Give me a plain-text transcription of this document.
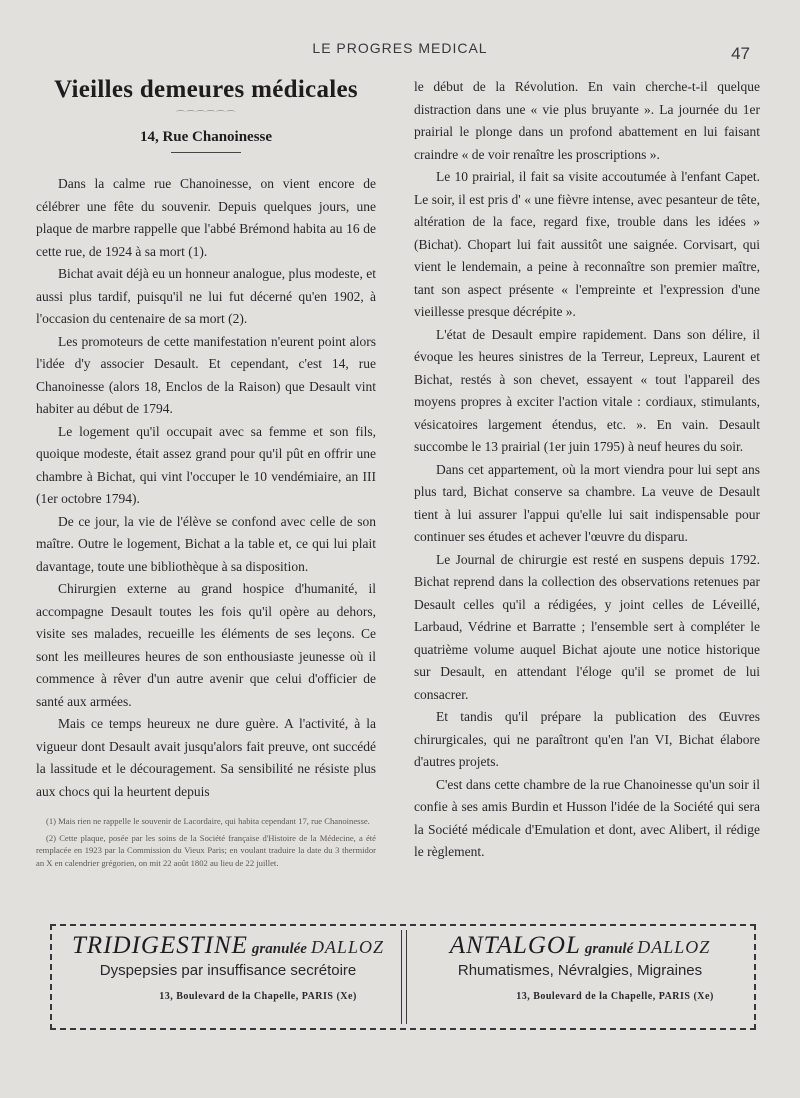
LE PROGRES MEDICAL	47
Vieilles demeures médicales
⌒⌒⌒⌒⌒⌒
14, Rue Chanoinesse

Dans la calme rue Chanoinesse, on vient encore de célébrer une fête du souvenir. Depuis quelques jours, une plaque de marbre rappelle que l'abbé Brémond habita au 16 de cette rue, de 1924 à sa mort (1).

Bichat avait déjà eu un honneur analogue, plus modeste, et aussi plus tardif, puisqu'il ne lui fut décerné qu'en 1902, à l'occasion du centenaire de sa mort (2).

Les promoteurs de cette manifestation n'eurent point alors l'idée d'y associer Desault. Et cependant, c'est 14, rue Chanoinesse (alors 18, Enclos de la Raison) que Desault vint habiter au début de 1794.

Le logement qu'il occupait avec sa femme et son fils, quoique modeste, était assez grand pour qu'il pût en offrir une chambre à Bichat, qui vint l'occuper le 10 vendémiaire, an III (1er octobre 1794).

De ce jour, la vie de l'élève se confond avec celle de son maître. Outre le logement, Bichat a la table et, ce qui lui plait davantage, toute une bibliothèque à sa disposition.

Chirurgien externe au grand hospice d'humanité, il accompagne Desault toutes les fois qu'il opère au dehors, visite ses malades, recueille les éléments de ses leçons. Ce sont les meilleures heures de son enthousiaste jeunesse où il commence à rêver d'un autre avenir que celui d'officier de santé aux armées.

Mais ce temps heureux ne dure guère. A l'activité, à la vigueur dont Desault avait jusqu'alors fait preuve, ont succédé la lassitude et le découragement. Sa sensibilité ne résiste plus aux chocs qui la heurtent depuis

(1) Mais rien ne rappelle le souvenir de Lacordaire, qui habita cependant 17, rue Chanoinesse.

(2) Cette plaque, posée par les soins de la Société française d'Histoire de la Médecine, a été remplacée en 1923 par la Commission du Vieux Paris; en voulant traduire la date du 3 thermidor an X en calendrier grégorien, on mit 22 août 1802 au lieu de 22 juillet.

le début de la Révolution. En vain cherche-t-il quelque distraction dans une « vie plus bruyante ». La journée du 1er prairial le plonge dans un profond abattement en lui faisant craindre « de voir renaître les proscriptions ».

Le 10 prairial, il fait sa visite accoutumée à l'enfant Capet. Le soir, il est pris d' « une fièvre intense, avec pesanteur de tête, altération de la face, regard fixe, trouble dans les idées » (Bichat). Chopart lui fait aussitôt une saignée. Corvisart, qui vient le lendemain, a peine à reconnaître son premier maître, tant son aspect présente « l'empreinte et l'expression d'une vieillesse presque décrépite ».

L'état de Desault empire rapidement. Dans son délire, il évoque les heures sinistres de la Terreur, Lepreux, Laurent et Bichat, restés à son chevet, essayent « tout l'appareil des moyens propres à exciter l'action vitale : cordiaux, stimulants, vésicatoires largement étendus, etc. ». En vain. Desault succombe le 13 prairial (1er juin 1795) à neuf heures du soir.

Dans cet appartement, où la mort viendra pour lui sept ans plus tard, Bichat conserve sa chambre. La veuve de Desault tient à lui assurer l'appui qu'elle lui sait indispensable pour continuer ses études et achever l'œuvre du disparu.

Le Journal de chirurgie est resté en suspens depuis 1792. Bichat reprend dans la collection des observations retenues par Desault celles qu'il a rédigées, y joint celles de Léveillé, Larbaud, Védrine et Barratte ; l'ensemble sert à compléter le quatrième volume auquel Bichat ajoute une notice historique sur Desault, en attendant l'éloge qu'il se promet de lui consacrer.

Et tandis qu'il prépare la publication des Œuvres chirurgicales, qui ne paraîtront qu'en l'an VI, Bichat élabore d'autres projets.

C'est dans cette chambre de la rue Chanoinesse qu'un soir il confie à ses amis Burdin et Husson l'idée de la Société qui sera la Société médicale d'Emulation et dont, avec Alibert, il rédige le règlement.

TRIDIGESTINE granulée DALLOZ
Dyspepsies par insuffisance secrétoire
13, Boulevard de la Chapelle, PARIS (Xe)
ANTALGOL granulé DALLOZ
Rhumatismes, Névralgies, Migraines
13, Boulevard de la Chapelle, PARIS (Xe)
